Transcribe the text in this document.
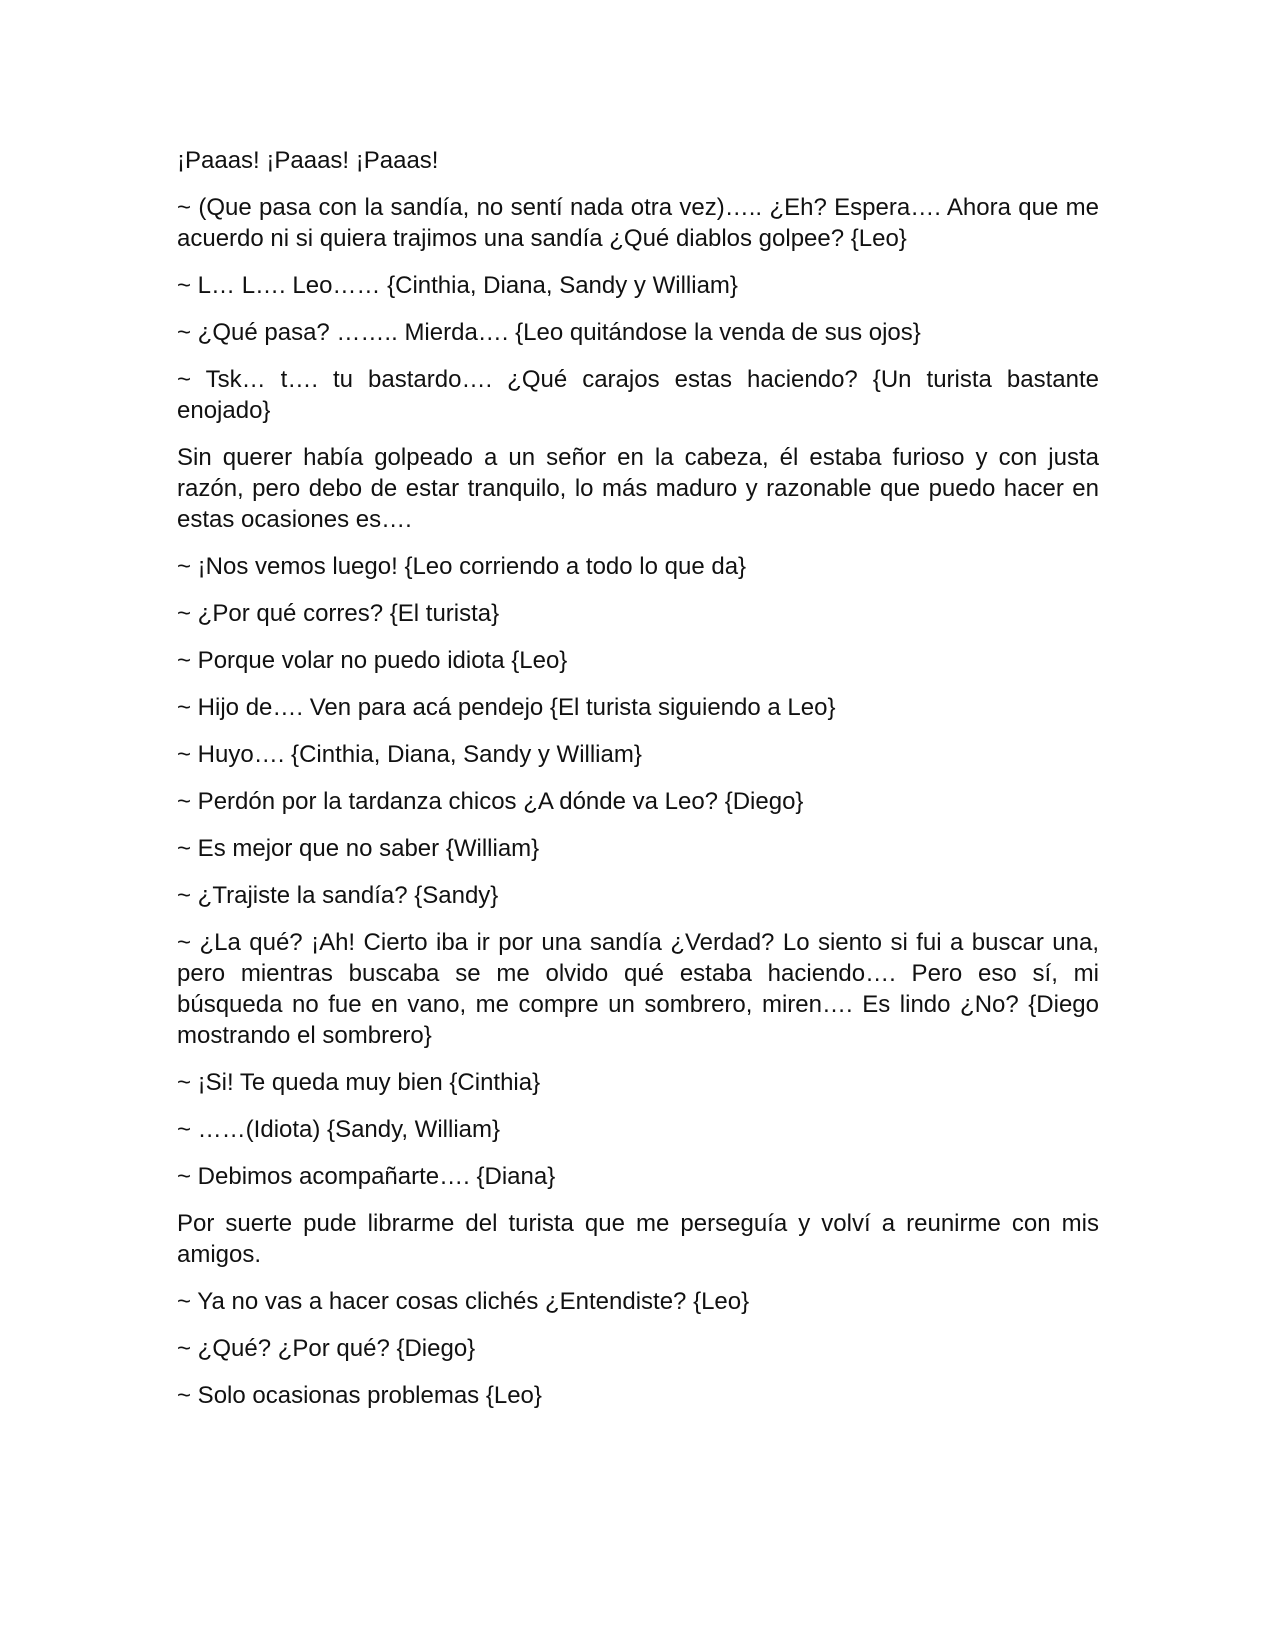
¡Paaas! ¡Paaas! ¡Paaas!

~ (Que pasa con la sandía, no sentí nada otra vez)….. ¿Eh? Espera…. Ahora que me acuerdo ni si quiera trajimos una sandía ¿Qué diablos golpee? {Leo}

~ L… L…. Leo…… {Cinthia, Diana, Sandy y William}

~ ¿Qué pasa? …….. Mierda…. {Leo quitándose la venda de sus ojos}

~ Tsk… t…. tu bastardo…. ¿Qué carajos estas haciendo? {Un turista bastante enojado}

Sin querer había golpeado a un señor en la cabeza, él estaba furioso y con justa razón, pero debo de estar tranquilo, lo más maduro y razonable que puedo hacer en estas ocasiones es….

~ ¡Nos vemos luego! {Leo corriendo a todo lo que da}

~ ¿Por qué corres? {El turista}

~ Porque volar no puedo idiota {Leo}

~ Hijo de…. Ven para acá pendejo {El turista siguiendo a Leo}

~ Huyo…. {Cinthia, Diana, Sandy y William}

~ Perdón por la tardanza chicos ¿A dónde va Leo? {Diego}

~ Es mejor que no saber {William}

~ ¿Trajiste la sandía? {Sandy}

~ ¿La qué? ¡Ah! Cierto iba ir por una sandía ¿Verdad? Lo siento si fui a buscar una, pero mientras buscaba se me olvido qué estaba haciendo…. Pero eso sí, mi búsqueda no fue en vano, me compre un sombrero, miren…. Es lindo ¿No? {Diego mostrando el sombrero}

~ ¡Si! Te queda muy bien {Cinthia}

~ ……(Idiota) {Sandy, William}

~ Debimos acompañarte…. {Diana}

Por suerte pude librarme del turista que me perseguía y volví a reunirme con mis amigos.

~ Ya no vas a hacer cosas clichés ¿Entendiste? {Leo}

~ ¿Qué? ¿Por qué? {Diego}

~ Solo ocasionas problemas {Leo}
